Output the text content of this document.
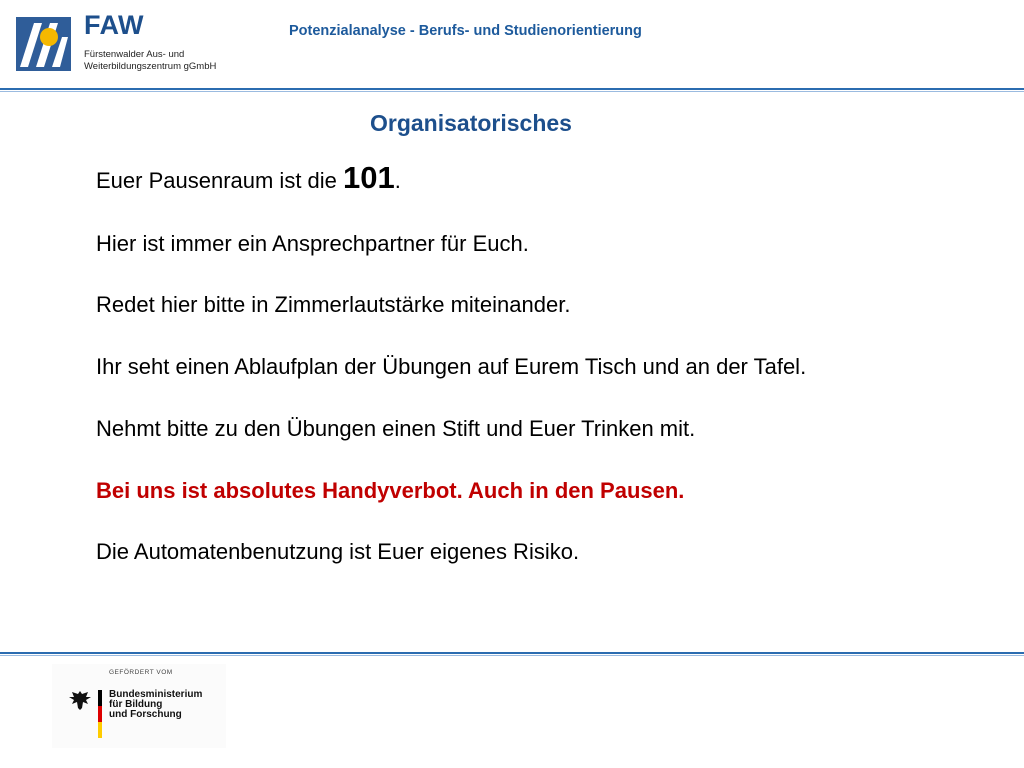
FAW
Fürstenwalder Aus- und
Weiterbildungszentrum gGmbH
Potenzialanalyse - Berufs- und Studienorientierung
Organisatorisches
Euer Pausenraum ist die 101.
Hier ist immer ein Ansprechpartner für Euch.
Redet hier bitte in Zimmerlautstärke miteinander.
Ihr seht einen Ablaufplan der Übungen auf Eurem Tisch und an der Tafel.
Nehmt bitte zu den Übungen einen Stift und Euer Trinken mit.
Bei uns ist absolutes Handyverbot. Auch in den Pausen.
Die Automatenbenutzung ist Euer eigenes Risiko.
GEFÖRDERT VOM
Bundesministerium
für Bildung
und Forschung
